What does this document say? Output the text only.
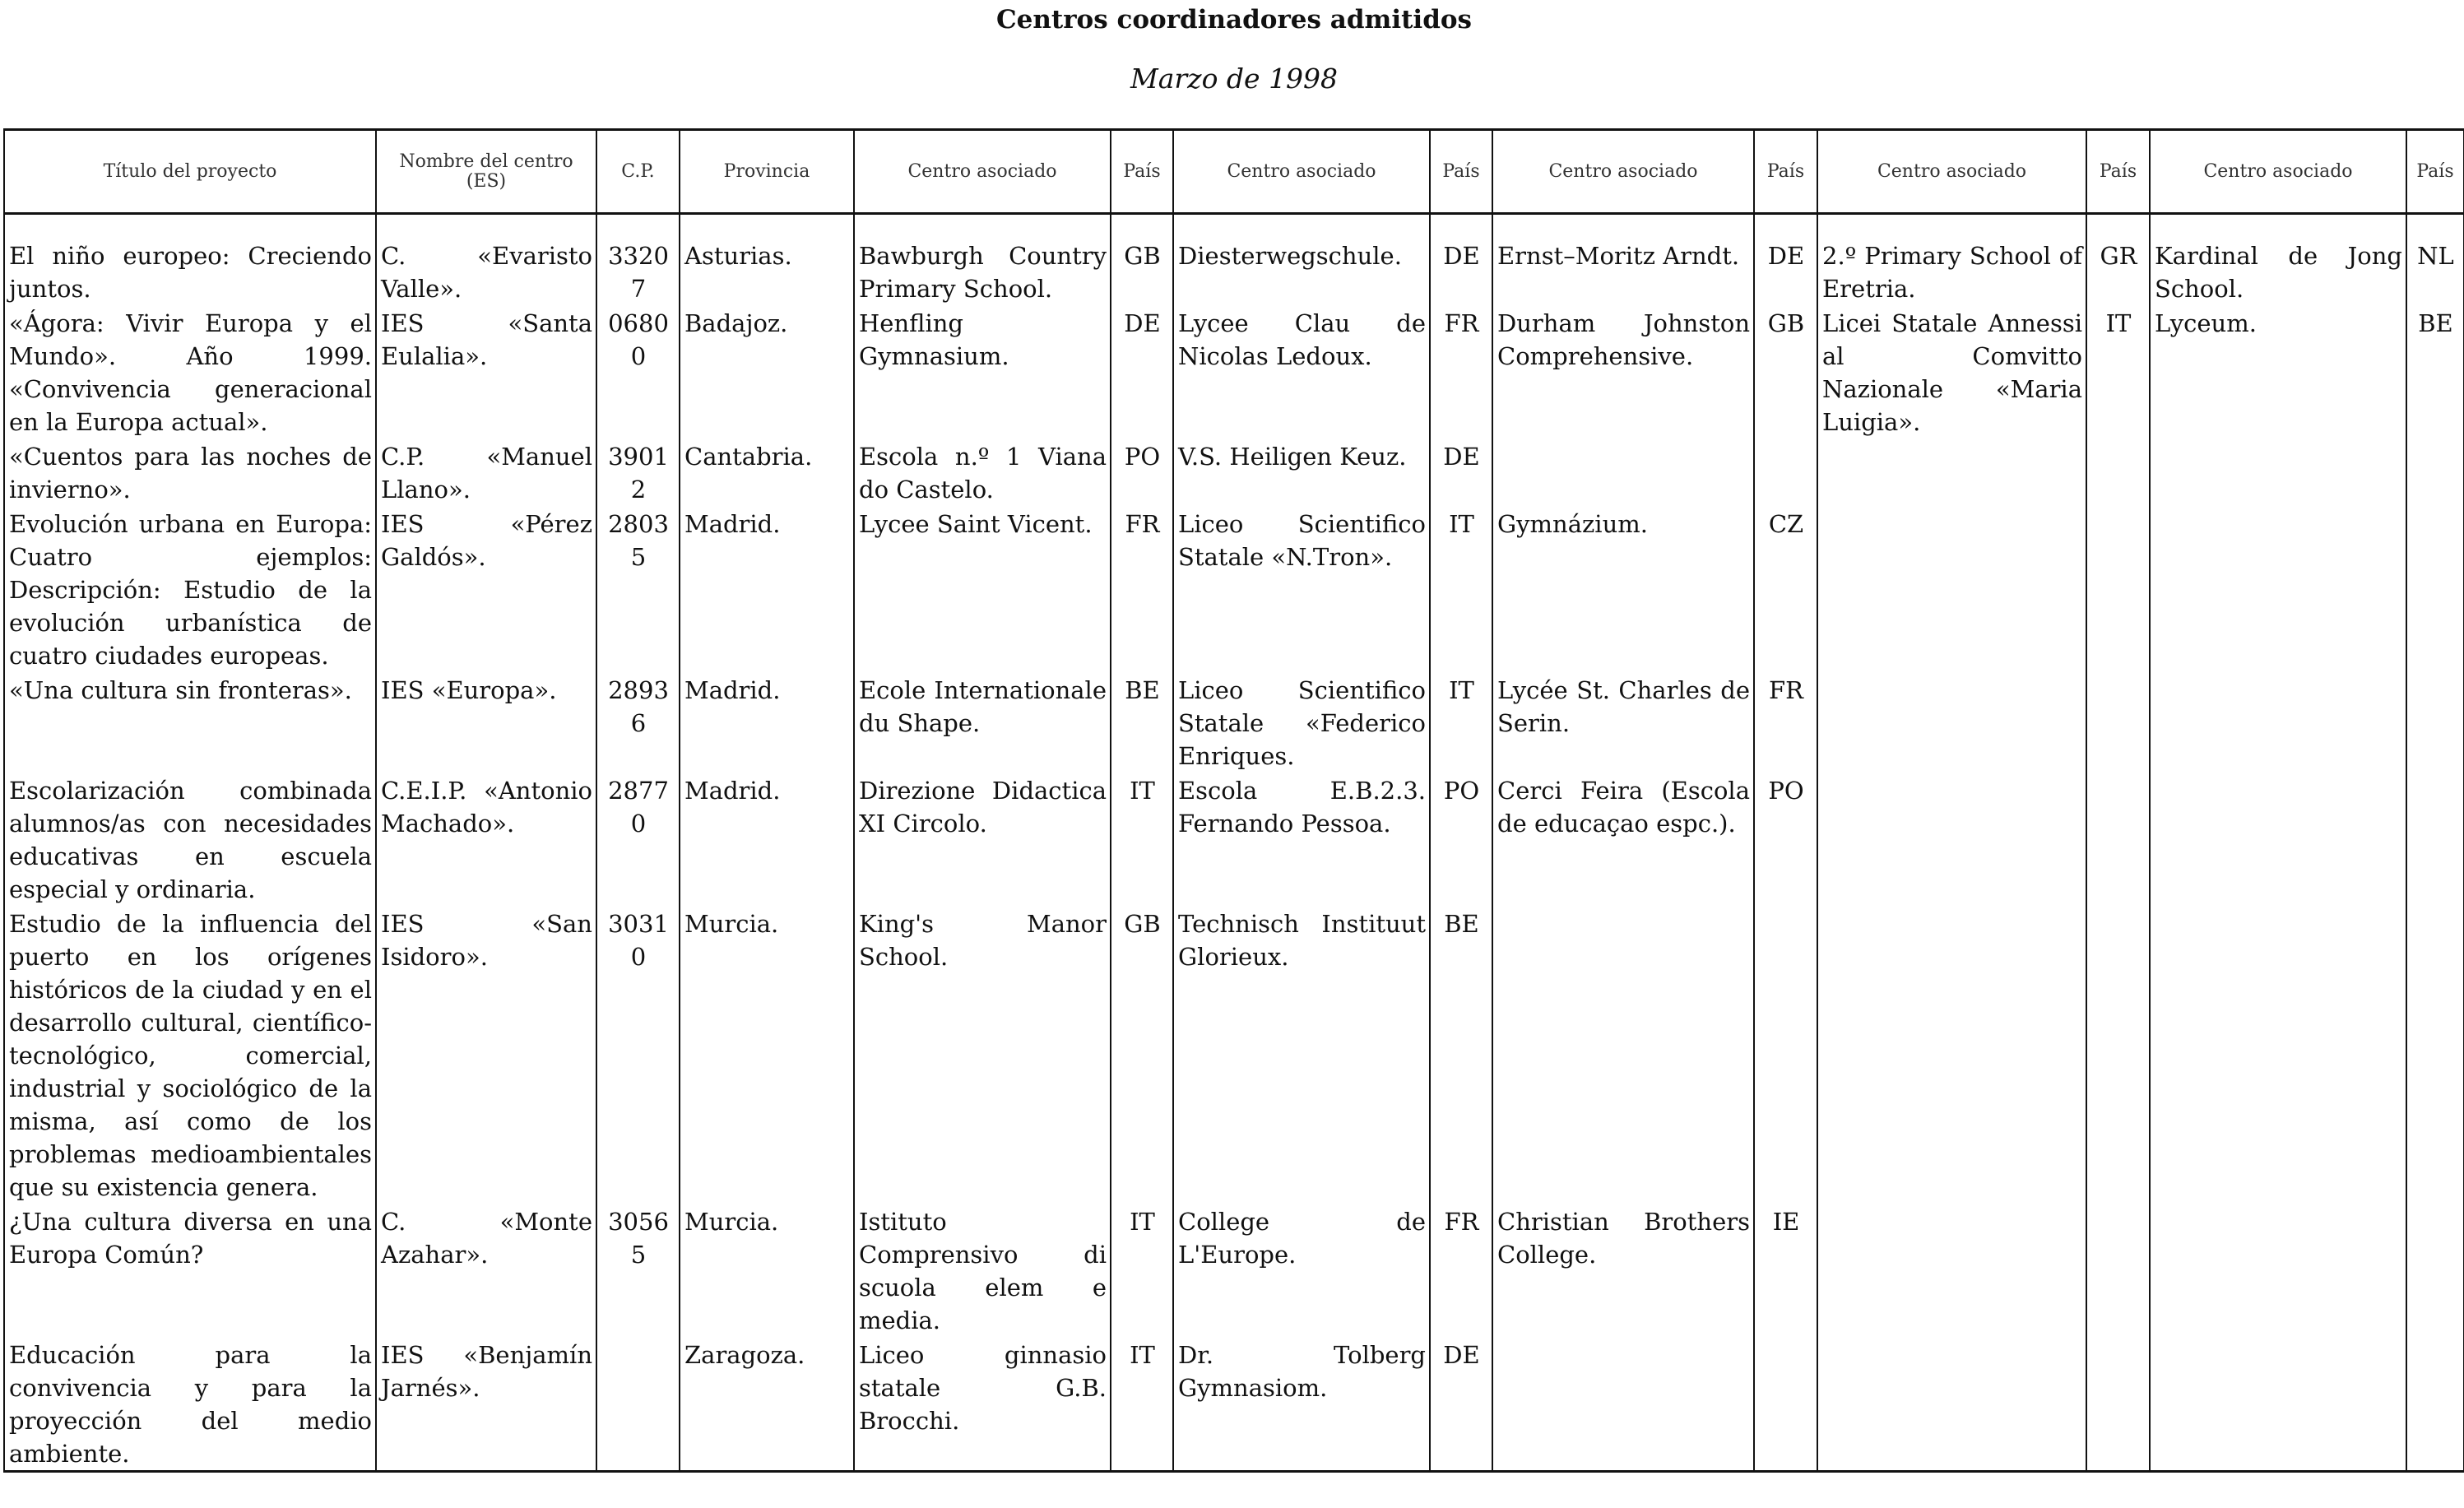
Centros coordinadores admitidos
Marzo de 1998
Título del proyecto	Nombre del centro (ES)	C.P.	Provincia	Centro asociado	País	Centro asociado	País	Centro asociado	País	Centro asociado	País	Centro asociado	País
El niño europeo: Creciendo juntos.	C. «Evaristo Valle».	33207	Asturias.	Bawburgh Country Primary School.	GB	Diesterwegschule.	DE	Ernst–Moritz Arndt.	DE	2.º Primary School of Eretria.	GR	Kardinal de Jong School.	NL
«Ágora: Vivir Europa y el Mundo». Año 1999. «Convivencia generacional en la Europa actual».	IES «Santa Eulalia».	06800	Badajoz.	Henfling Gymnasium.	DE	Lycee Clau de Nicolas Ledoux.	FR	Durham Johnston Comprehensive.	GB	Licei Statale Annessi al Comvitto Nazionale «Maria Luigia».	IT	Lyceum.	BE
«Cuentos para las noches de invierno».	C.P. «Manuel Llano».	39012	Cantabria.	Escola n.º 1 Viana do Castelo.	PO	V.S. Heiligen Keuz.	DE						
Evolución urbana en Europa: Cuatro ejemplos: Descripción: Estudio de la evolución urbanística de cuatro ciudades europeas.	IES «Pérez Galdós».	28035	Madrid.	Lycee Saint Vicent.	FR	Liceo Scientifico Statale «N.Tron».	IT	Gymnázium.	CZ				
«Una cultura sin fronteras».	IES «Europa».	28936	Madrid.	Ecole Internationale du Shape.	BE	Liceo Scientifico Statale «Federico Enriques.	IT	Lycée St. Charles de Serin.	FR				
Escolarización combinada alumnos/as con necesidades educativas en escuela especial y ordinaria.	C.E.I.P. «Antonio Machado».	28770	Madrid.	Direzione Didactica XI Circolo.	IT	Escola E.B.2.3. Fernando Pessoa.	PO	Cerci Feira (Escola de educaçao espc.).	PO				
Estudio de la influencia del puerto en los orígenes históricos de la ciudad y en el desarrollo cultural, científico-tecnológico, comercial, industrial y sociológico de la misma, así como de los problemas medioambientales que su existencia genera.	IES «San Isidoro».	30310	Murcia.	King's Manor School.	GB	Technisch Instituut Glorieux.	BE						
¿Una cultura diversa en una Europa Común?	C. «Monte Azahar».	30565	Murcia.	Istituto Comprensivo di scuola elem e media.	IT	College de L'Europe.	FR	Christian Brothers College.	IE				
Educación para la convivencia y para la proyección del medio ambiente.	IES «Benjamín Jarnés».		Zaragoza.	Liceo ginnasio statale G.B. Brocchi.	IT	Dr. Tolberg Gymnasiom.	DE						
